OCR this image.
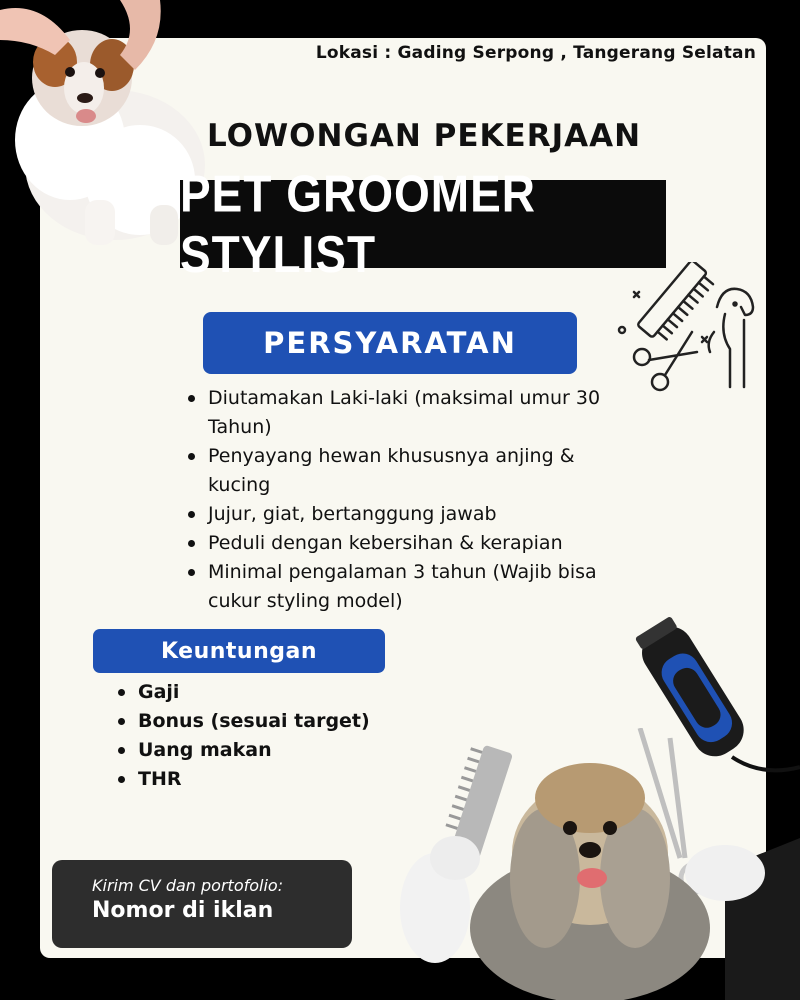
Lokasi : Gading Serpong , Tangerang Selatan
LOWONGAN PEKERJAAN
PET GROOMER STYLIST
PERSYARATAN
Diutamakan Laki-laki (maksimal umur 30 Tahun)
Penyayang hewan khususnya anjing & kucing
Jujur, giat, bertanggung jawab
Peduli dengan kebersihan & kerapian
Minimal pengalaman 3 tahun (Wajib bisa cukur styling model)
Keuntungan
Gaji
Bonus (sesuai target)
Uang makan
THR
Kirim CV dan portofolio:
Nomor di iklan
